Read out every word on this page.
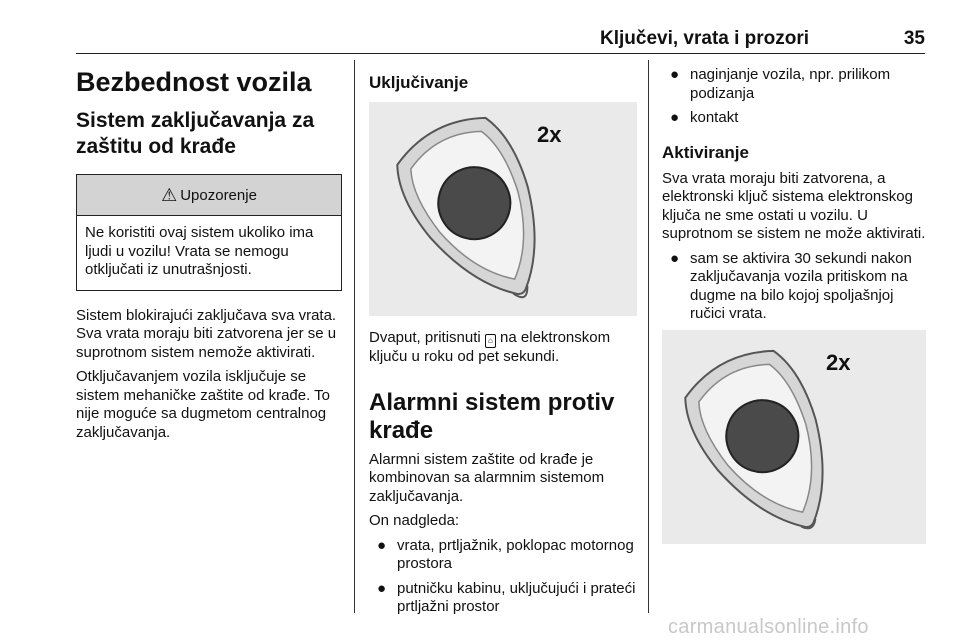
Ključevi, vrata i prozori	35
Bezbednost vozila
Sistem zaključavanja za zaštitu od krađe
⚠ Upozorenje
Ne koristiti ovaj sistem ukoliko ima ljudi u vozilu! Vrata se nemogu otključati iz unutrašnjosti.

Sistem blokirajući zaključava sva vrata. Sva vrata moraju biti zatvorena jer se u suprotnom sistem nemože aktivirati.

Otključavanjem vozila isključuje se sistem mehaničke zaštite od krađe. To nije moguće sa dugmetom centralnog zaključavanja.

Uključivanje
2x

Dvaput, pritisnuti ⌂ na elektronskom ključu u roku od pet sekundi.

Alarmni sistem protiv krađe

Alarmni sistem zaštite od krađe je kombinovan sa alarmnim sistemom zaključavanja.

On nadgleda:

● vrata, prtljažnik, poklopac motornog prostora
● putničku kabinu, uključujući i prateći prtljažni prostor
● naginjanje vozila, npr. prilikom podizanja
● kontakt
Aktiviranje

Sva vrata moraju biti zatvorena, a elektronski ključ sistema elektronskog ključa ne sme ostati u vozilu. U suprotnom se sistem ne može aktivirati.

● sam se aktivira 30 sekundi nakon zaključavanja vozila pritiskom na dugme na bilo kojoj spoljašnjoj ručici vrata.
2x
carmanualsonline.info
